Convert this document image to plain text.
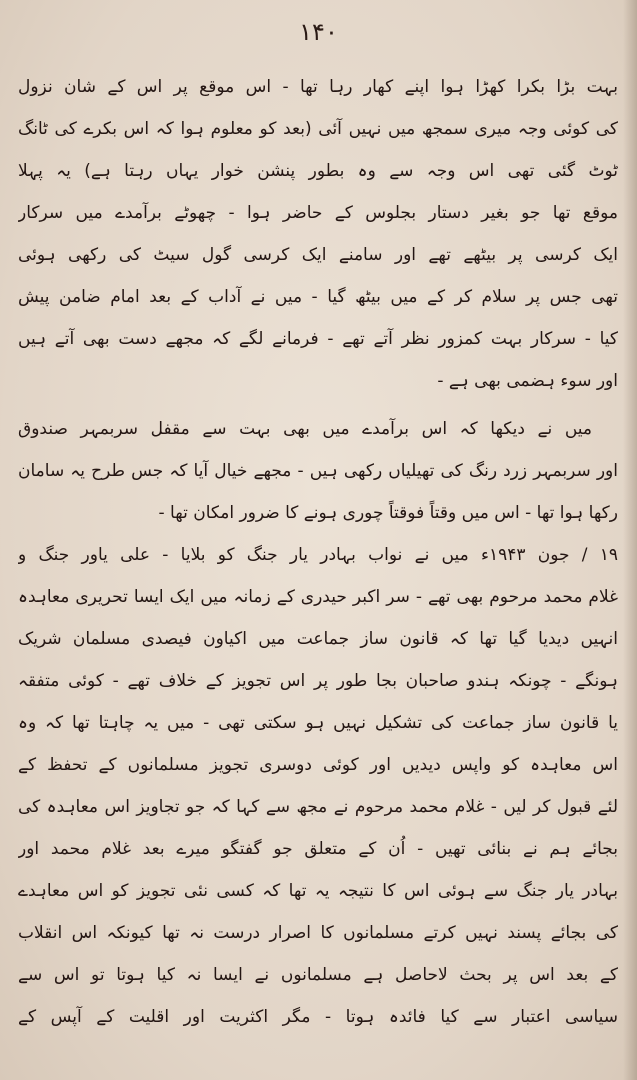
۱۴۰
بہت بڑا بکرا کھڑا ہوا اپنے کھار رہا تھا - اس موقع پر اس کے شان نزول
کی کوئی وجہ میری سمجھ میں نہیں آئی (بعد کو معلوم ہوا کہ اس بکرے کی ٹانگ
ٹوٹ گئی تھی اس وجہ سے وہ بطور پنشن خوار یہاں رہتا ہے) یہ پہلا
موقع تھا جو بغیر دستار بجلوس کے حاضر ہوا - چھوٹے برآمدے میں سرکار
ایک کرسی پر بیٹھے تھے اور سامنے ایک کرسی گول سیٹ کی رکھی ہوئی
تھی جس پر سلام کر کے میں بیٹھ گیا - میں نے آداب کے بعد امام ضامن پیش
کیا - سرکار بہت کمزور نظر آتے تھے - فرمانے لگے کہ مجھے دست بھی آتے ہیں
اور سوء ہضمی بھی ہے -
میں نے دیکھا کہ اس برآمدے میں بھی بہت سے مقفل سربمہر صندوق
اور سربمہر زرد رنگ کی تھیلیاں رکھی ہیں - مجھے خیال آیا کہ جس طرح یہ سامان
رکھا ہوا تھا - اس میں وقتاً فوقتاً چوری ہونے کا ضرور امکان تھا -
۱۹ / جون ۱۹۴۳ء میں نے نواب بہادر یار جنگ کو بلایا - علی یاور جنگ و
غلام محمد مرحوم بھی تھے - سر اکبر حیدری کے زمانہ میں ایک ایسا تحریری معاہدہ
انہیں دیدیا گیا تھا کہ قانون ساز جماعت میں اکیاون فیصدی مسلمان شریک
ہونگے - چونکہ ہندو صاحبان بجا طور پر اس تجویز کے خلاف تھے - کوئی متفقہ
یا قانون ساز جماعت کی تشکیل نہیں ہو سکتی تھی - میں یہ چاہتا تھا کہ وہ
اس معاہدہ کو واپس دیدیں اور کوئی دوسری تجویز مسلمانوں کے تحفظ کے
لئے قبول کر لیں - غلام محمد مرحوم نے مجھ سے کہا کہ جو تجاویز اس معاہدہ کی
بجائے ہم نے بنائی تھیں - اُن کے متعلق جو گفتگو میرے بعد غلام محمد اور
بہادر یار جنگ سے ہوئی اس کا نتیجہ یہ تھا کہ کسی نئی تجویز کو اس معاہدے
کی بجائے پسند نہیں کرتے مسلمانوں کا اصرار درست نہ تھا کیونکہ اس انقلاب
کے بعد اس پر بحث لاحاصل ہے مسلمانوں نے ایسا نہ کیا ہوتا تو اس سے
سیاسی اعتبار سے کیا فائدہ ہوتا - مگر اکثریت اور اقلیت کے آپس کے
